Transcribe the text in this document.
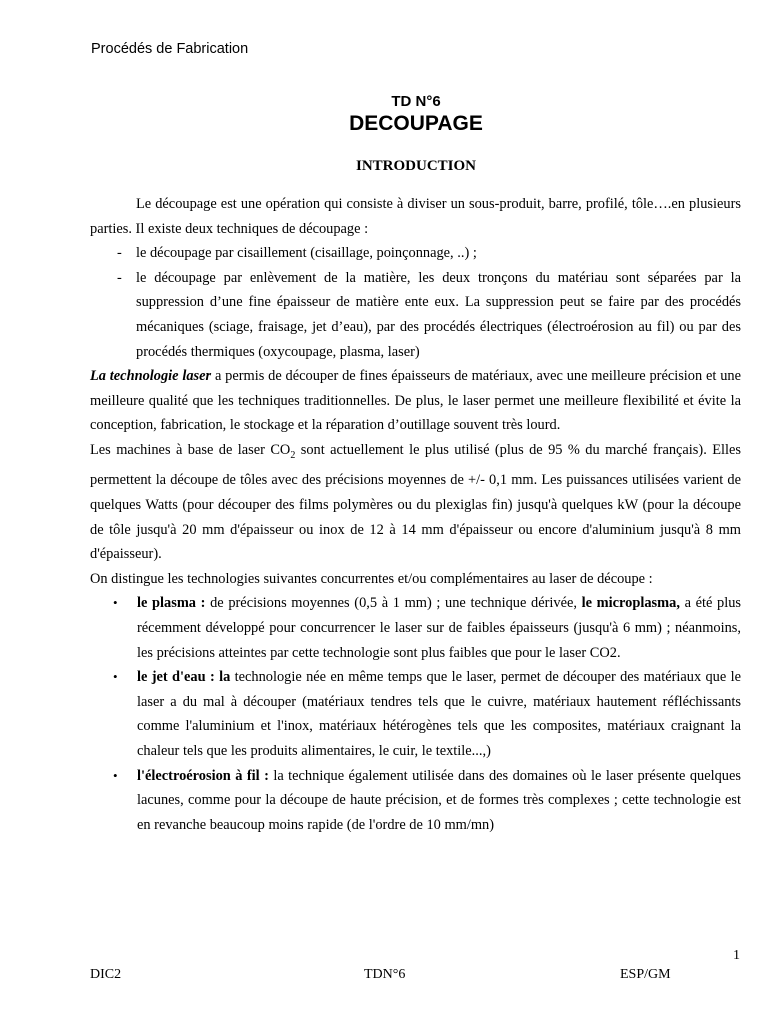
Procédés de Fabrication
TD N°6
DECOUPAGE
INTRODUCTION

Le découpage est une opération qui consiste à diviser un sous-produit, barre, profilé, tôle….en plusieurs parties. Il existe deux techniques de découpage :

- le découpage par cisaillement (cisaillage, poinçonnage, ..) ;
- le découpage par enlèvement de la matière, les deux tronçons du matériau sont séparées par la suppression d’une fine épaisseur de matière ente eux. La suppression peut se faire par des procédés mécaniques (sciage, fraisage, jet d’eau), par des procédés électriques (électroérosion au fil) ou par des procédés thermiques (oxycoupage, plasma, laser)

La technologie laser a permis de découper de fines épaisseurs de matériaux, avec une meilleure précision et une meilleure qualité que les techniques traditionnelles. De plus, le laser permet une meilleure flexibilité et évite la conception, fabrication, le stockage et la réparation d’outillage souvent très lourd.

Les machines à base de laser $CO_2$ sont actuellement le plus utilisé (plus de 95 % du marché français). Elles permettent la découpe de tôles avec des précisions moyennes de +/- 0,1 mm. Les puissances utilisées varient de quelques Watts (pour découper des films polymères ou du plexiglas fin) jusqu'à quelques kW (pour la découpe de tôle jusqu'à 20 mm d'épaisseur ou inox de 12 à 14 mm d'épaisseur ou encore d'aluminium jusqu'à 8 mm d'épaisseur).

On distingue les technologies suivantes concurrentes et/ou complémentaires au laser de découpe :

• le plasma : de précisions moyennes (0,5 à 1 mm) ; une technique dérivée, le microplasma, a été plus récemment développé pour concurrencer le laser sur de faibles épaisseurs (jusqu'à 6 mm) ; néanmoins, les précisions atteintes par cette technologie sont plus faibles que pour le laser CO2.
• le jet d'eau : la technologie née en même temps que le laser, permet de découper des matériaux que le laser a du mal à découper (matériaux tendres tels que le cuivre, matériaux hautement réfléchissants comme l'aluminium et l'inox, matériaux hétérogènes tels que les composites, matériaux craignant la chaleur tels que les produits alimentaires, le cuir, le textile...,)
• l'électroérosion à fil : la technique également utilisée dans des domaines où le laser présente quelques lacunes, comme pour la découpe de haute précision, et de formes très complexes ; cette technologie est en revanche beaucoup moins rapide (de l'ordre de 10 mm/mn)
1
DIC2	TDN°6	ESP/GM
